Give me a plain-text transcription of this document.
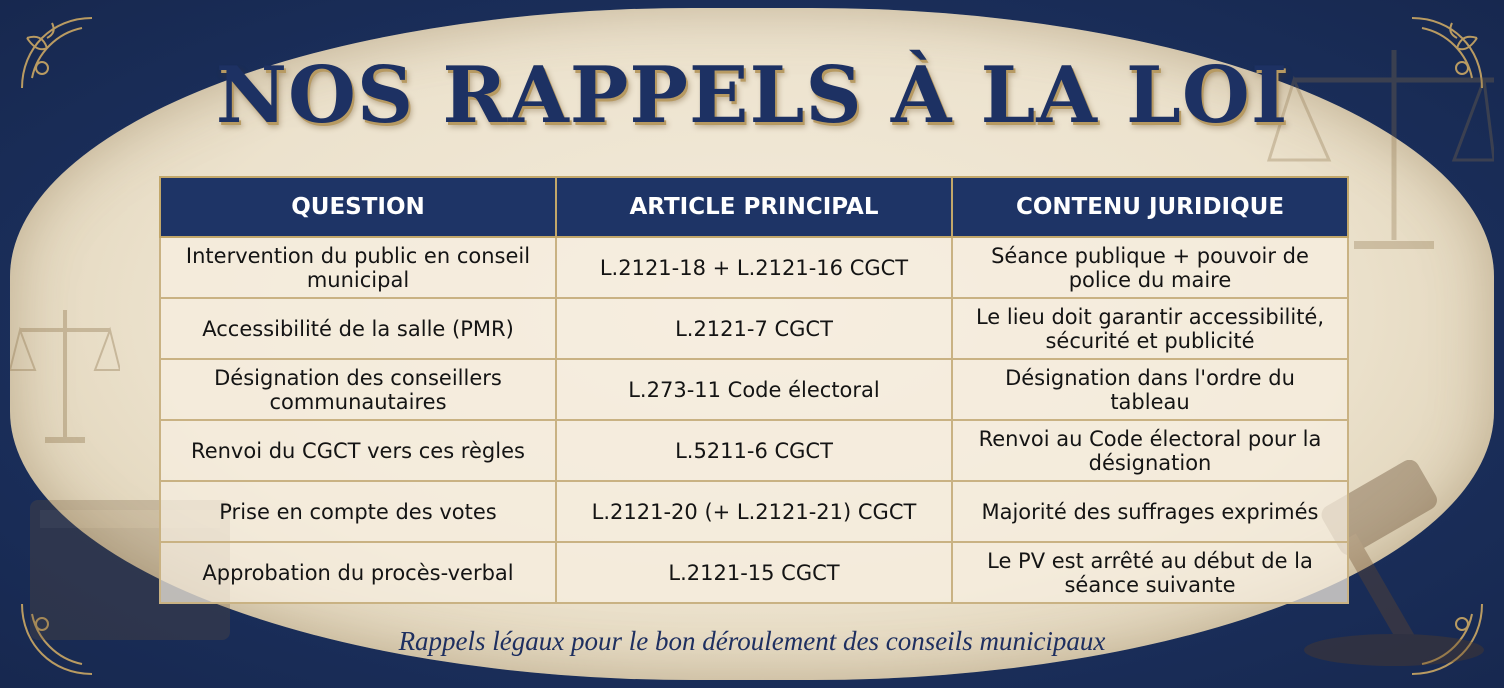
NOS RAPPELS À LA LOI
QUESTION	ARTICLE PRINCIPAL	CONTENU JURIDIQUE
Intervention du public en conseil municipal	L.2121-18 + L.2121-16 CGCT	Séance publique + pouvoir de police du maire
Accessibilité de la salle (PMR)	L.2121-7 CGCT	Le lieu doit garantir accessibilité, sécurité et publicité
Désignation des conseillers communautaires	L.273-11 Code électoral	Désignation dans l'ordre du tableau
Renvoi du CGCT vers ces règles	L.5211-6 CGCT	Renvoi au Code électoral pour la désignation
Prise en compte des votes	L.2121-20 (+ L.2121-21) CGCT	Majorité des suffrages exprimés
Approbation du procès-verbal	L.2121-15 CGCT	Le PV est arrêté au début de la séance suivante
Rappels légaux pour le bon déroulement des conseils municipaux
